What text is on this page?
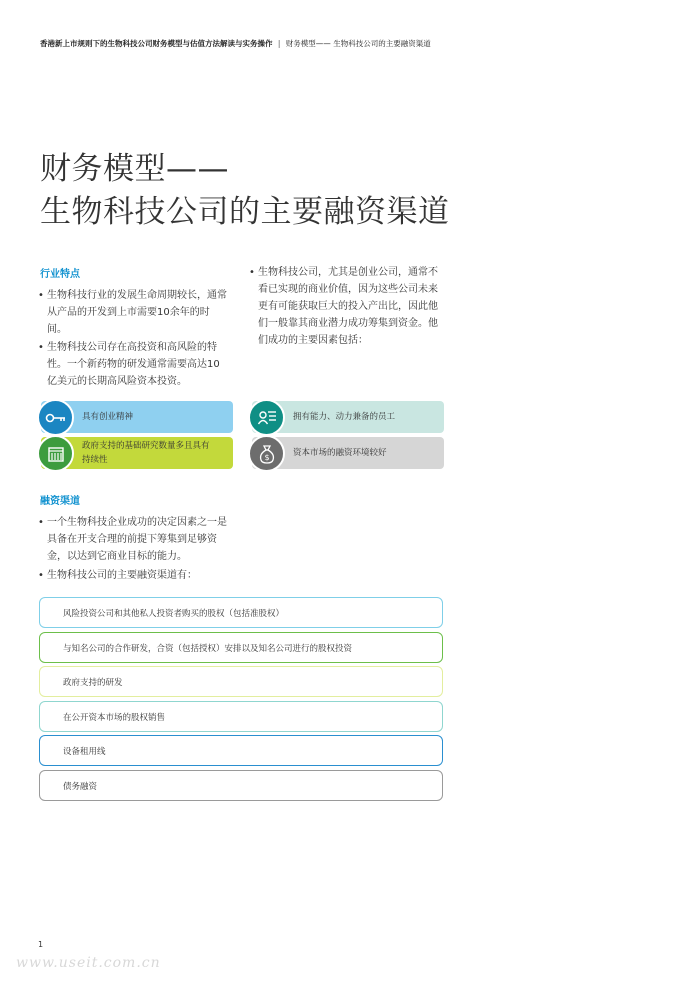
香港新上市规则下的生物科技公司财务模型与估值方法解读与实务操作 | 财务模型—— 生物科技公司的主要融资渠道
财务模型——
生物科技公司的主要融资渠道
行业特点
• 生物科技行业的发展生命周期较长，通常从产品的开发到上市需要10余年的时间。
• 生物科技公司存在高投资和高风险的特性。一个新药物的研发通常需要高达10亿美元的长期高风险资本投资。
• 生物科技公司，尤其是创业公司，通常不看已实现的商业价值，因为这些公司未来更有可能获取巨大的投入产出比，因此他们一般靠其商业潜力成功筹集到资金。他们成功的主要因素包括：
具有创业精神	拥有能力、动力兼备的员工
政府支持的基础研究数量多且具有持续性	$	资本市场的融资环境较好
融资渠道
• 一个生物科技企业成功的决定因素之一是具备在开支合理的前提下筹集到足够资金，以达到它商业目标的能力。
• 生物科技公司的主要融资渠道有：
风险投资公司和其他私人投资者购买的股权（包括准股权）
与知名公司的合作研发，合资（包括授权）安排以及知名公司进行的股权投资
政府支持的研发
在公开资本市场的股权销售
设备租用线
债务融资
1
www.useit.com.cn
